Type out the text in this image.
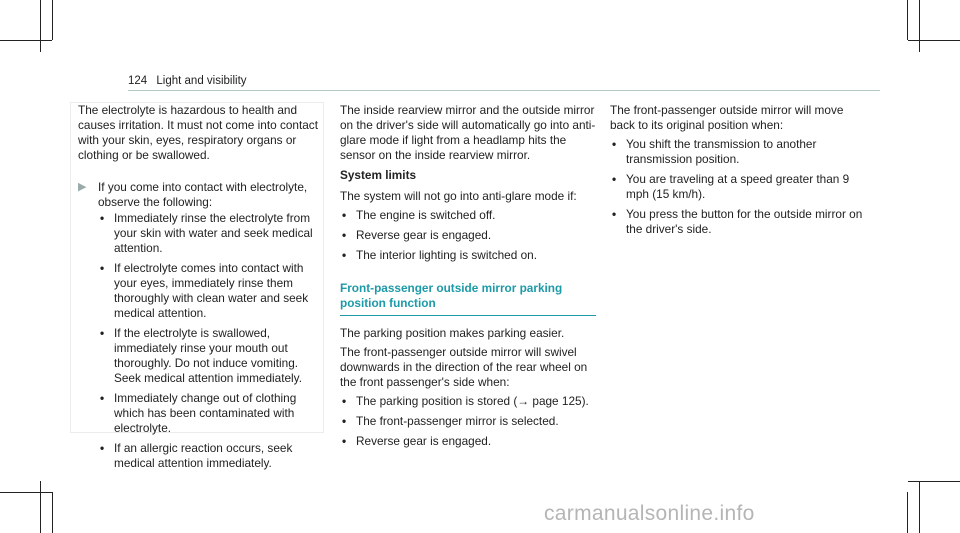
124 Light and visibility

The electrolyte is hazardous to health and causes irritation. It must not come into contact with your skin, eyes, respiratory organs or clothing or be swallowed.

▶ If you come into contact with electrolyte, observe the following:
• Immediately rinse the electrolyte from your skin with water and seek medical attention.
• If electrolyte comes into contact with your eyes, immediately rinse them thoroughly with clean water and seek medical attention.
• If the electrolyte is swallowed, immediately rinse your mouth out thoroughly. Do not induce vomiting. Seek medical attention immediately.
• Immediately change out of clothing which has been contaminated with electrolyte.
• If an allergic reaction occurs, seek medical attention immediately.

The inside rearview mirror and the outside mirror on the driver's side will automatically go into anti-glare mode if light from a headlamp hits the sensor on the inside rearview mirror.

System limits

The system will not go into anti-glare mode if:

• The engine is switched off.
• Reverse gear is engaged.
• The interior lighting is switched on.

Front-passenger outside mirror parking position function

The parking position makes parking easier.

The front-passenger outside mirror will swivel downwards in the direction of the rear wheel on the front passenger's side when:

• The parking position is stored (→ page 125).
• The front-passenger mirror is selected.
• Reverse gear is engaged.

The front-passenger outside mirror will move back to its original position when:

• You shift the transmission to another transmission position.
• You are traveling at a speed greater than 9 mph (15 km/h).
• You press the button for the outside mirror on the driver's side.
carmanualsonline.info
